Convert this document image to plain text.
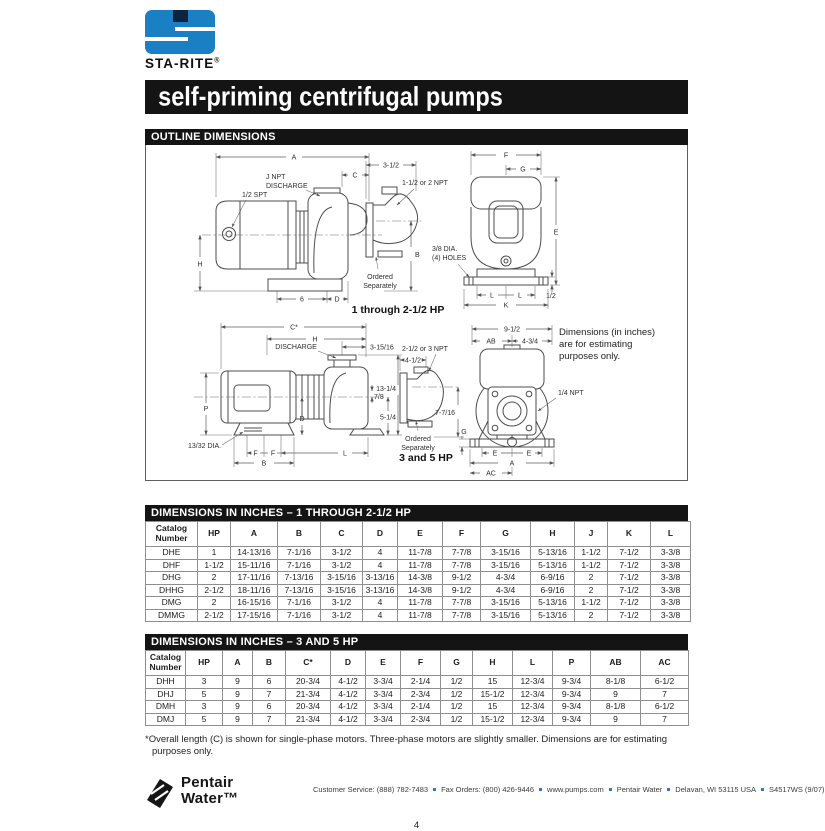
STA-RITE®
self-priming centrifugal pumps
OUTLINE DIMENSIONS
A
C
J NPT
DISCHARGE
1/2 SPT
H
6	D
3-1/2
1-1/2 or 2 NPT
B
Ordered
Separately
F
G
E
1/2
3/8 DIA.
(4) HOLES
L	L
K
1 through 2-1/2 HP
C*
H
DISCHARGE	3-15/16
13-1/4
7/8
5-1/4
P
D
13/32 DIA.
F F
B
L
2-1/2 or 3 NPT
4-1/2
7-7/16
Ordered
Separately
9-1/2
AB	4-3/4
1/4 NPT
G
E	E
A
AC
3 and 5 HP
Dimensions (in inches)
are for estimating
purposes only.
DIMENSIONS IN INCHES – 1 THROUGH 2-1/2 HP
Catalog Number	HP	A	B	C	D	E	F	G	H	J	K	L
DHE	1	14-13/16	7-1/16	3-1/2	4	11-7/8	7-7/8	3-15/16	5-13/16	1-1/2	7-1/2	3-3/8
DHF	1-1/2	15-11/16	7-1/16	3-1/2	4	11-7/8	7-7/8	3-15/16	5-13/16	1-1/2	7-1/2	3-3/8
DHG	2	17-11/16	7-13/16	3-15/16	3-13/16	14-3/8	9-1/2	4-3/4	6-9/16	2	7-1/2	3-3/8
DHHG	2-1/2	18-11/16	7-13/16	3-15/16	3-13/16	14-3/8	9-1/2	4-3/4	6-9/16	2	7-1/2	3-3/8
DMG	2	16-15/16	7-1/16	3-1/2	4	11-7/8	7-7/8	3-15/16	5-13/16	1-1/2	7-1/2	3-3/8
DMMG	2-1/2	17-15/16	7-1/16	3-1/2	4	11-7/8	7-7/8	3-15/16	5-13/16	2	7-1/2	3-3/8
DIMENSIONS IN INCHES – 3 AND 5 HP
Catalog Number	HP	A	B	C*	D	E	F	G	H	L	P	AB	AC
DHH	3	9	6	20-3/4	4-1/2	3-3/4	2-1/4	1/2	15	12-3/4	9-3/4	8-1/8	6-1/2
DHJ	5	9	7	21-3/4	4-1/2	3-3/4	2-3/4	1/2	15-1/2	12-3/4	9-3/4	9	7
DMH	3	9	6	20-3/4	4-1/2	3-3/4	2-1/4	1/2	15	12-3/4	9-3/4	8-1/8	6-1/2
DMJ	5	9	7	21-3/4	4-1/2	3-3/4	2-3/4	1/2	15-1/2	12-3/4	9-3/4	9	7
*Overall length (C) is shown for single-phase motors. Three-phase motors are slightly smaller. Dimensions are for estimating purposes only.
Pentair
Water™
Customer Service: (888) 782-7483 Fax Orders: (800) 426-9446 www.pumps.com Pentair Water Delavan, WI 53115 USA S4517WS (9/07)
4
